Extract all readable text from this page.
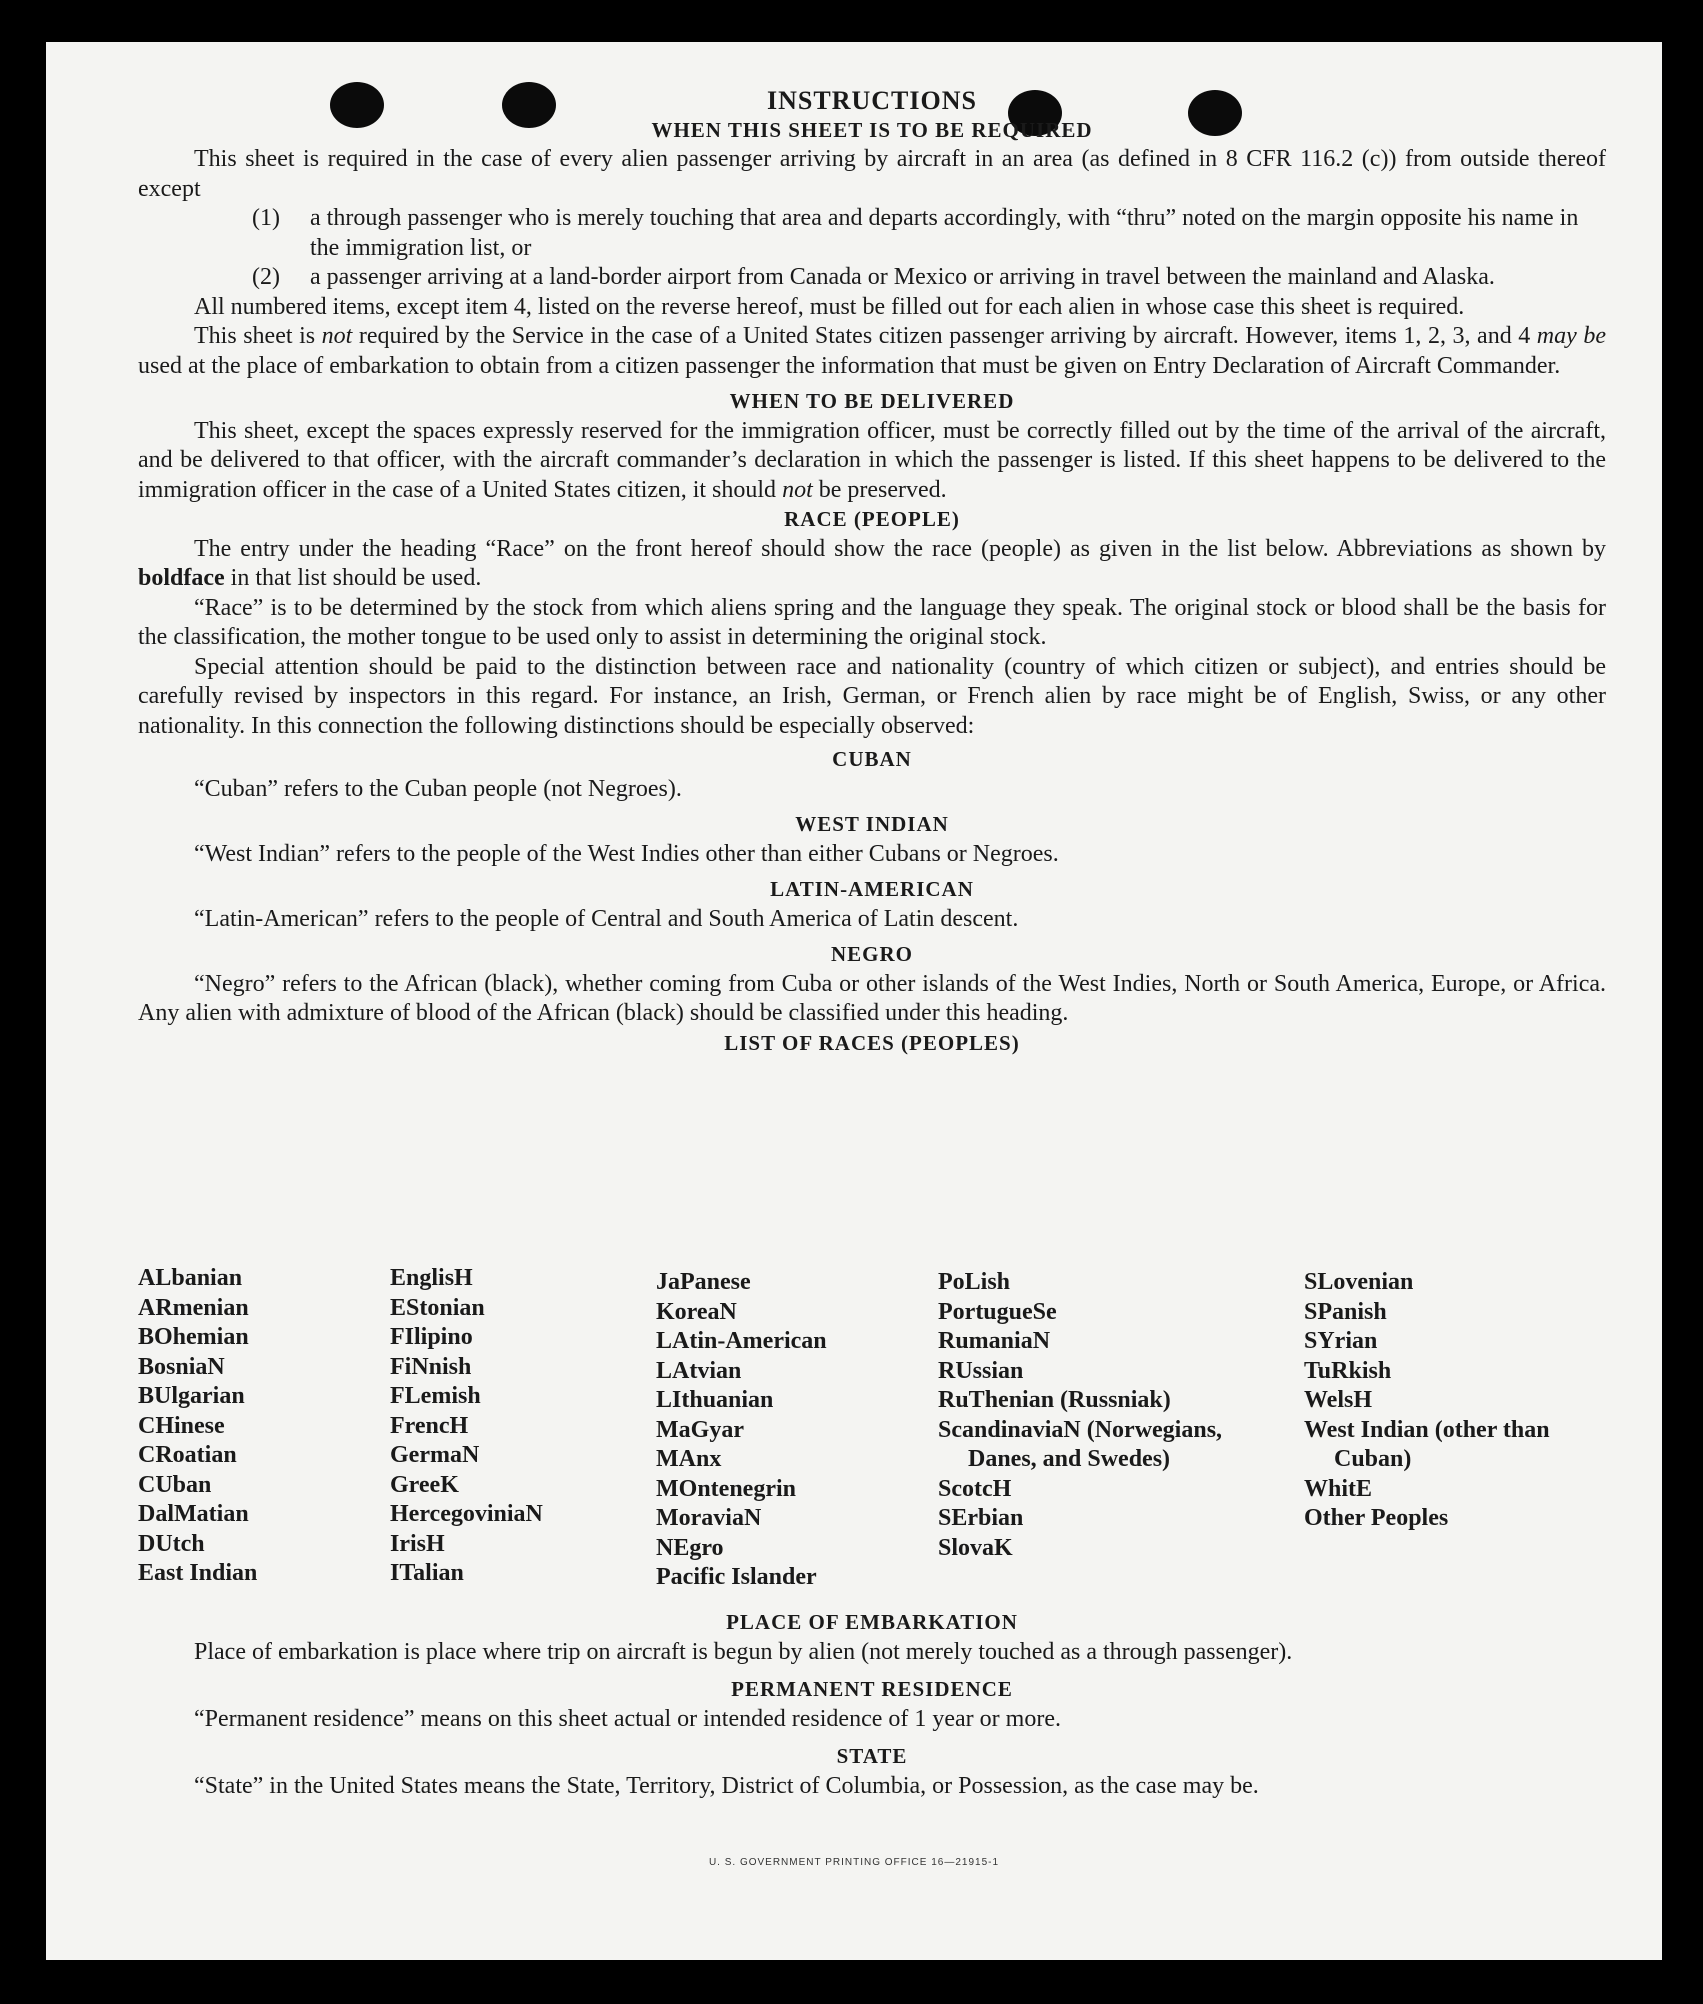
INSTRUCTIONS

WHEN THIS SHEET IS TO BE REQUIRED

This sheet is required in the case of every alien passenger arriving by aircraft in an area (as defined in 8 CFR 116.2 (c)) from outside thereof except

(1) a through passenger who is merely touching that area and departs accordingly, with “thru” noted on the margin opposite his name in the immigration list, or

(2) a passenger arriving at a land-border airport from Canada or Mexico or arriving in travel between the mainland and Alaska.

All numbered items, except item 4, listed on the reverse hereof, must be filled out for each alien in whose case this sheet is required.

This sheet is not required by the Service in the case of a United States citizen passenger arriving by aircraft. However, items 1, 2, 3, and 4 may be used at the place of embarkation to obtain from a citizen passenger the information that must be given on Entry Declaration of Aircraft Commander.

WHEN TO BE DELIVERED

This sheet, except the spaces expressly reserved for the immigration officer, must be correctly filled out by the time of the arrival of the aircraft, and be delivered to that officer, with the aircraft commander’s declaration in which the passenger is listed. If this sheet happens to be delivered to the immigration officer in the case of a United States citizen, it should not be preserved.

RACE (PEOPLE)

The entry under the heading “Race” on the front hereof should show the race (people) as given in the list below. Abbreviations as shown by boldface in that list should be used.

“Race” is to be determined by the stock from which aliens spring and the language they speak. The original stock or blood shall be the basis for the classification, the mother tongue to be used only to assist in determining the original stock.

Special attention should be paid to the distinction between race and nationality (country of which citizen or subject), and entries should be carefully revised by inspectors in this regard. For instance, an Irish, German, or French alien by race might be of English, Swiss, or any other nationality. In this connection the following distinctions should be especially observed:

CUBAN

“Cuban” refers to the Cuban people (not Negroes).

WEST INDIAN

“West Indian” refers to the people of the West Indies other than either Cubans or Negroes.

LATIN-AMERICAN

“Latin-American” refers to the people of Central and South America of Latin descent.

NEGRO

“Negro” refers to the African (black), whether coming from Cuba or other islands of the West Indies, North or South America, Europe, or Africa. Any alien with admixture of blood of the African (black) should be classified under this heading.

LIST OF RACES (PEOPLES)

ALbanian
ARmenian
BOhemian
BosniaN
BUlgarian
CHinese
CRoatian
CUban
DalMatian
DUtch
East Indian
EnglisH
EStonian
FIlipino
FiNnish
FLemish
FrencH
GermaN
GreeK
HercegoviniaN
IrisH
ITalian
JaPanese
KoreaN
LAtin-American
LAtvian
LIthuanian
MaGyar
MAnx
MOntenegrin
MoraviaN
NEgro
Pacific Islander
PoLish
PortugueSe
RumaniaN
RUssian
RuThenian (Russniak)
ScandinaviaN (Norwegians, Danes, and Swedes)
ScotcH
SErbian
SlovaK
SLovenian
SPanish
SYrian
TuRkish
WelsH
West Indian (other than Cuban)
WhitE
Other Peoples

PLACE OF EMBARKATION

Place of embarkation is place where trip on aircraft is begun by alien (not merely touched as a through passenger).

PERMANENT RESIDENCE

“Permanent residence” means on this sheet actual or intended residence of 1 year or more.

STATE

“State” in the United States means the State, Territory, District of Columbia, or Possession, as the case may be.

U. S. GOVERNMENT PRINTING OFFICE 16—21915-1
